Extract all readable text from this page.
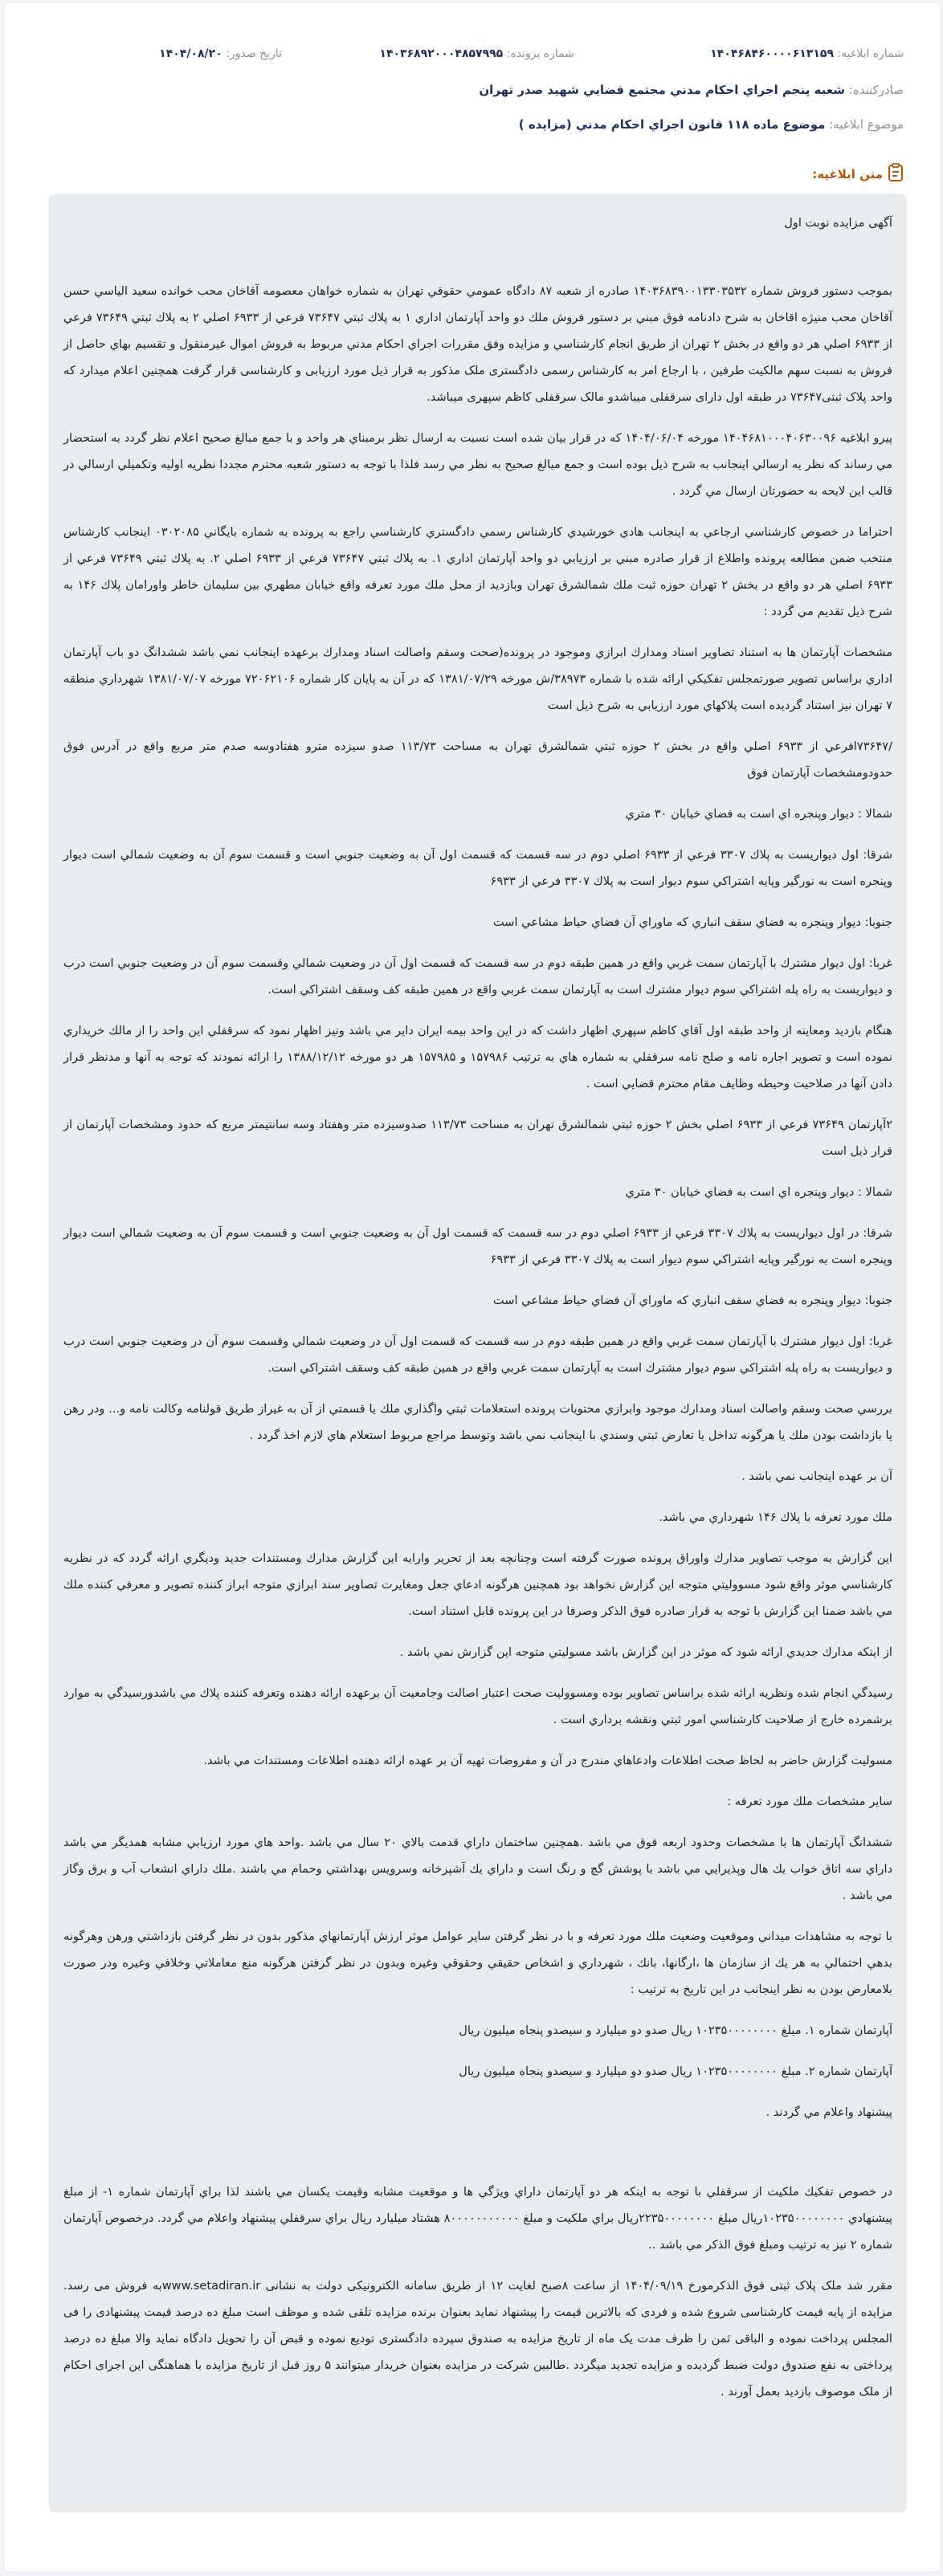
شماره ابلاغیه: ۱۴۰۴۶۸۴۶۰۰۰۰۶۱۳۱۵۹
شماره پرونده: ۱۴۰۳۶۸۹۲۰۰۰۴۸۵۷۹۹۵
تاریخ صدور: ۱۴۰۴/۰۸/۲۰
صادرکننده: شعبه پنجم اجراي احكام مدني مجتمع قضايي شهيد صدر تهران
موضوع ابلاغیه: موضوع ماده ۱۱۸ قانون اجراي احكام مدني (مزايده )
متن ابلاغیه:

آگهی مزایده نوبت اول

بموجب دستور فروش شماره ۱۴۰۳۶۸۳۹۰۰۱۳۳۰۳۵۳۲ صادره از شعبه ۸۷ دادگاه عمومي حقوقي تهران به شماره خواهان معصومه آقاخان محب خوانده سعيد الياسي حسن آقاخان محب منيژه اقاخان به شرح دادنامه فوق مبني بر دستور فروش ملك دو واحد آپارتمان اداري ۱ به پلاك ثبتي ۷۳۶۴۷ فرعي از ۶۹۳۳ اصلي ۲ به پلاك ثبتي ۷۳۶۴۹ فرعي از ۶۹۳۳ اصلي هر دو واقع در بخش ۲ تهران از طريق انجام كارشناسي و مزايده وفق مقررات اجراي احكام مدني مربوط به فروش اموال غيرمنقول و تقسيم بهاي حاصل از فروش به نسبت سهم مالكيت طرفين ، با ارجاع امر به كارشناس رسمی دادگستری ملک مذکور به قرار ذیل مورد ارزیابی و کارشناسی قرار گرفت همچنین اعلام میدارد که واحد پلاک ثبتی۷۳۶۴۷ در طبقه اول دارای سرقفلی میباشدو مالک سرقفلی کاظم سپهری میباشد.

پيرو ابلاغيه ۱۴۰۴۶۸۱۰۰۰۴۰۶۳۰۰۹۶ مورخه ۱۴۰۴/۰۶/۰۴ كه در قرار بيان شده است نسبت به ارسال نظر برمبناي هر واحد و با جمع مبالغ صحيح اعلام نظر گردد به استحضار مي رساند كه نظر يه ارسالي اينجانب به شرح ذيل بوده است و جمع مبالغ صحيح به نظر مي رسد فلذا با توجه به دستور شعبه محترم مجددا نظريه اوليه وتكميلي ارسالي در قالب اين لايحه به حضورتان ارسال مي گردد .

احتراما در خصوص كارشناسي ارجاعي به اينجانب هادي خورشيدي كارشناس رسمي دادگستري كارشناسي راجع به پرونده به شماره بايگاني ۰۳۰۲۰۸۵ اينجانب كارشناس منتخب ضمن مطالعه پرونده واطلاع از قرار صادره مبني بر ارزيابي دو واحد آپارتمان اداري ۱. به پلاك ثبتي ۷۳۶۴۷ فرعي از ۶۹۳۳ اصلي ۲. به پلاك ثبتي ۷۳۶۴۹ فرعي از ۶۹۳۳ اصلي هر دو واقع در بخش ۲ تهران حوزه ثبت ملك شمالشرق تهران وبازديد از محل ملك مورد تعرفه واقع خيابان مطهري بين سليمان خاطر واورامان پلاك ۱۴۶ به شرح ذيل تقديم مي گردد :

مشخصات آپارتمان ها به استناد تصاوير اسناد ومدارك ابرازي وموجود در پرونده(صحت وسقم واصالت اسناد ومدارك برعهده اينجانب نمي باشد ششدانگ دو باب آپارتمان اداري براساس تصوير صورتمجلس تفكيكي ارائه شده با شماره ۳۸۹۷۳/ش مورخه ۱۳۸۱/۰۷/۲۹ كه در آن به پايان كار شماره ۷۲۰۶۲۱۰۶ مورخه ۱۳۸۱/۰۷/۰۷ شهرداري منطقه ۷ تهران نيز استناد گرديده است پلاكهاي مورد ارزيابي به شرح ذيل است

/۷۳۶۴۷افرعي از ۶۹۳۳ اصلي واقع در بخش ۲ حوزه ثبتي شمالشرق تهران به مساحت ۱۱۳/۷۳ صدو سيزده مترو هفتادوسه صدم متر مربع واقع در آدرس فوق حدودومشخصات آپارتمان فوق

شمالا : ديوار وپنجره اي است به فضاي خيابان ۳۰ متري

شرقا: اول ديواريست به پلاك ۳۳۰۷ فرعي از ۶۹۳۳ اصلي دوم در سه قسمت كه قسمت اول آن به وضعيت جنوبي است و قسمت سوم آن به وضعيت شمالي است ديوار وپنجره است به نورگير وپايه اشتراكي سوم ديوار است به پلاك ۳۳۰۷ فرعي از ۶۹۳۳

جنوبا: ديوار وپنجره به فضاي سقف انباري كه ماوراي آن فضاي حياط مشاعي است

غربا: اول ديوار مشترك با آپارتمان سمت غربي واقع در همين طبقه دوم در سه قسمت كه قسمت اول آن در وضعيت شمالي وقسمت سوم آن در وضعيت جنوبي است درب و ديواريست به راه پله اشتراكي سوم ديوار مشترك است به آپارتمان سمت غربي واقع در همين طبقه كف وسقف اشتراكي است.

هنگام بازديد ومعاينه از واحد طبقه اول آقاي كاظم سپهري اظهار داشت كه در اين واحد بيمه ايران داير مي باشد ونيز اظهار نمود كه سرقفلي اين واحد را از مالك خريداري نموده است و تصوير اجاره نامه و صلح نامه سرقفلي به شماره هاي به ترتيب ۱۵۷۹۸۶ و ۱۵۷۹۸۵ هر دو مورخه ۱۳۸۸/۱۲/۱۲ را ارائه نمودند كه توجه به آنها و مدنظر قرار دادن آنها در صلاحيت وحيطه وظايف مقام محترم قضايي است .

۲آپارتمان ۷۳۶۴۹ فرعي از ۶۹۳۳ اصلي بخش ۲ حوزه ثبتي شمالشرق تهران به مساحت ۱۱۳/۷۳ صدوسيزده متر وهفتاد وسه سانتيمتر مربع كه حدود ومشخصات آپارتمان از قرار ذيل است

شمالا : ديوار وپنجره اي است به فضاي خيابان ۳۰ متري

شرقا: در اول ديواريست به پلاك ۳۳۰۷ فرعي از ۶۹۳۳ اصلي دوم در سه قسمت كه قسمت اول آن به وضعيت جنوبي است و قسمت سوم آن به وضعيت شمالي است ديوار وپنجره است به نورگير وپايه اشتراكي سوم ديوار است به پلاك ۳۳۰۷ فرعي از ۶۹۳۳

جنوبا: ديوار وپنجره به فضاي سقف انباري كه ماوراي آن فضاي حياط مشاعي است

غربا: اول ديوار مشترك با آپارتمان سمت غربي واقع در همين طبقه دوم در سه قسمت كه قسمت اول آن در وضعيت شمالي وقسمت سوم آن در وضعيت جنوبي است درب و ديواريست به راه پله اشتراكي سوم ديوار مشترك است به آپارتمان سمت غربي واقع در همين طبقه كف وسقف اشتراكي است.

بررسي صحت وسقم واصالت اسناد ومدارك موجود وابرازي محتويات پرونده استعلامات ثبتي واگذاري ملك يا قسمتي از آن به غيراز طريق قولنامه وكالت نامه و... ودر رهن يا بازداشت بودن ملك يا هرگونه تداخل يا تعارض ثبتي وسندي با اينجانب نمي باشد وتوسط مراجع مربوط استعلام هاي لازم اخذ گردد .

آن بر عهده اينجانب نمي باشد .

ملك مورد تعرفه با پلاك ۱۴۶ شهرداري مي باشد.

اين گزارش به موجب تصاوير مدارك واوراق پرونده صورت گرفته است وچنانچه بعد از تحرير وارايه اين گزارش مدارك ومستندات جديد وديگري ارائه گردد كه در نظريه كارشناسي موثر واقع شود مسووليتي متوجه اين گزارش نخواهد بود همچنين هرگونه ادعاي جعل ومغايرت تصاوير سند ابرازي متوجه ابراز كننده تصوير و معرفي كننده ملك مي باشد ضمنا اين گزارش با توجه به قرار صادره فوق الذكر وصرفا در اين پرونده قابل استناد است.

از اينكه مدارك جديدي ارائه شود كه موثر در اين گزارش باشد مسوليتي متوجه اين گزارش نمي باشد .

رسيدگي انجام شده ونظريه ارائه شده براساس تصاوير بوده ومسووليت صحت اعتبار اصالت وجامعيت آن برعهده ارائه دهنده وتعرفه كننده پلاك مي باشدورسيدگي به موارد برشمرده خارج از صلاحيت كارشناسي امور ثبتي ونقشه برداري است .

مسوليت گزارش حاضر به لحاظ صحت اطلاعات وادعاهاي مندرج در آن و مفروضات تهيه آن بر عهده ارائه دهنده اطلاعات ومستندات مي باشد.

ساير مشخصات ملك مورد تعرفه :

ششدانگ آپارتمان ها با مشخصات وحدود اربعه فوق مي باشد .همچنين ساختمان داراي قدمت بالاي ۲۰ سال مي باشد .واحد هاي مورد ارزيابي مشابه همديگر مي باشد داراي سه اتاق خواب يك هال وپذيرايي مي باشد با پوشش گچ و رنگ است و داراي يك آشپزخانه وسرويس بهداشتي وحمام مي باشند .ملك داراي انشعاب آب و برق وگاز مي باشد .

با توجه به مشاهدات ميداني وموقعيت وضعيت ملك مورد تعرفه و با در نظر گرفتن ساير عوامل موثر ارزش آپارتمانهاي مذكور بدون در نظر گرفتن بازداشتي ورهن وهرگونه بدهي احتمالي به هر يك از سازمان ها ،ارگانها، بانك ، شهرداري و اشخاص حقيقي وحقوقي وغيره وبدون در نظر گرفتن هرگونه منع معاملاتي وخلافي وغيره ودر صورت بلامعارض بودن به نظر اينجانب در اين تاريخ به ترتيب :

آپارتمان شماره ۱. مبلغ ۱۰۲۳۵۰۰۰۰۰۰۰۰ ريال صدو دو ميليارد و سيصدو پنجاه ميليون ريال

آپارتمان شماره ۲. مبلغ ۱۰۲۳۵۰۰۰۰۰۰۰۰ ريال صدو دو ميليارد و سيصدو پنجاه ميليون ريال

پيشنهاد واعلام مي گردند .

در خصوص تفكيك ملكيت از سرقفلي با توجه به اينكه هر دو آپارتمان داراي ويژگي ها و موقعيت مشابه وقيمت يكسان مي باشند لذا براي آپارتمان شماره ۱- از مبلغ پيشنهادي ۱۰۲۳۵۰۰۰۰۰۰۰۰ريال مبلغ ۲۲۳۵۰۰۰۰۰۰۰۰ريال براي ملكيت و مبلغ ۸۰۰۰۰۰۰۰۰۰۰۰ هشتاد ميليارد ريال براي سرقفلي پيشنهاد واعلام مي گردد. درخصوص آپارتمان شماره ۲ نيز به ترتيب ومبلغ فوق الذكر مي باشد ..

مقرر شد ملک پلاک ثبتی فوق الذکرمورخ ۱۴۰۴/۰۹/۱۹ از ساعت ۸صبح لغایت ۱۲ از طریق سامانه الکترونیکی دولت به نشانی www.setadiran.irبه فروش می رسد. مزایده از پایه قیمت کارشناسی شروع شده و فردی که بالاترین قیمت را پیشنهاد نماید بعنوان برنده مزایده تلقی شده و موظف است مبلغ ده درصد قیمت پیشنهادی را فی المجلس پرداخت نموده و الباقی ثمن را ظرف مدت یک ماه از تاریخ مزایده به صندوق سپرده دادگستری تودیع نموده و قبض آن را تحویل دادگاه نماید والا مبلغ ده درصد پرداختی به نفع صندوق دولت ضبط گردیده و مزایده تجدید میگردد .طالبین شرکت در مزایده بعنوان خریدار میتوانند ۵ روز قبل از تاریخ مزایده با هماهنگی این اجرای احکام از ملک موصوف بازدید بعمل آورند .
